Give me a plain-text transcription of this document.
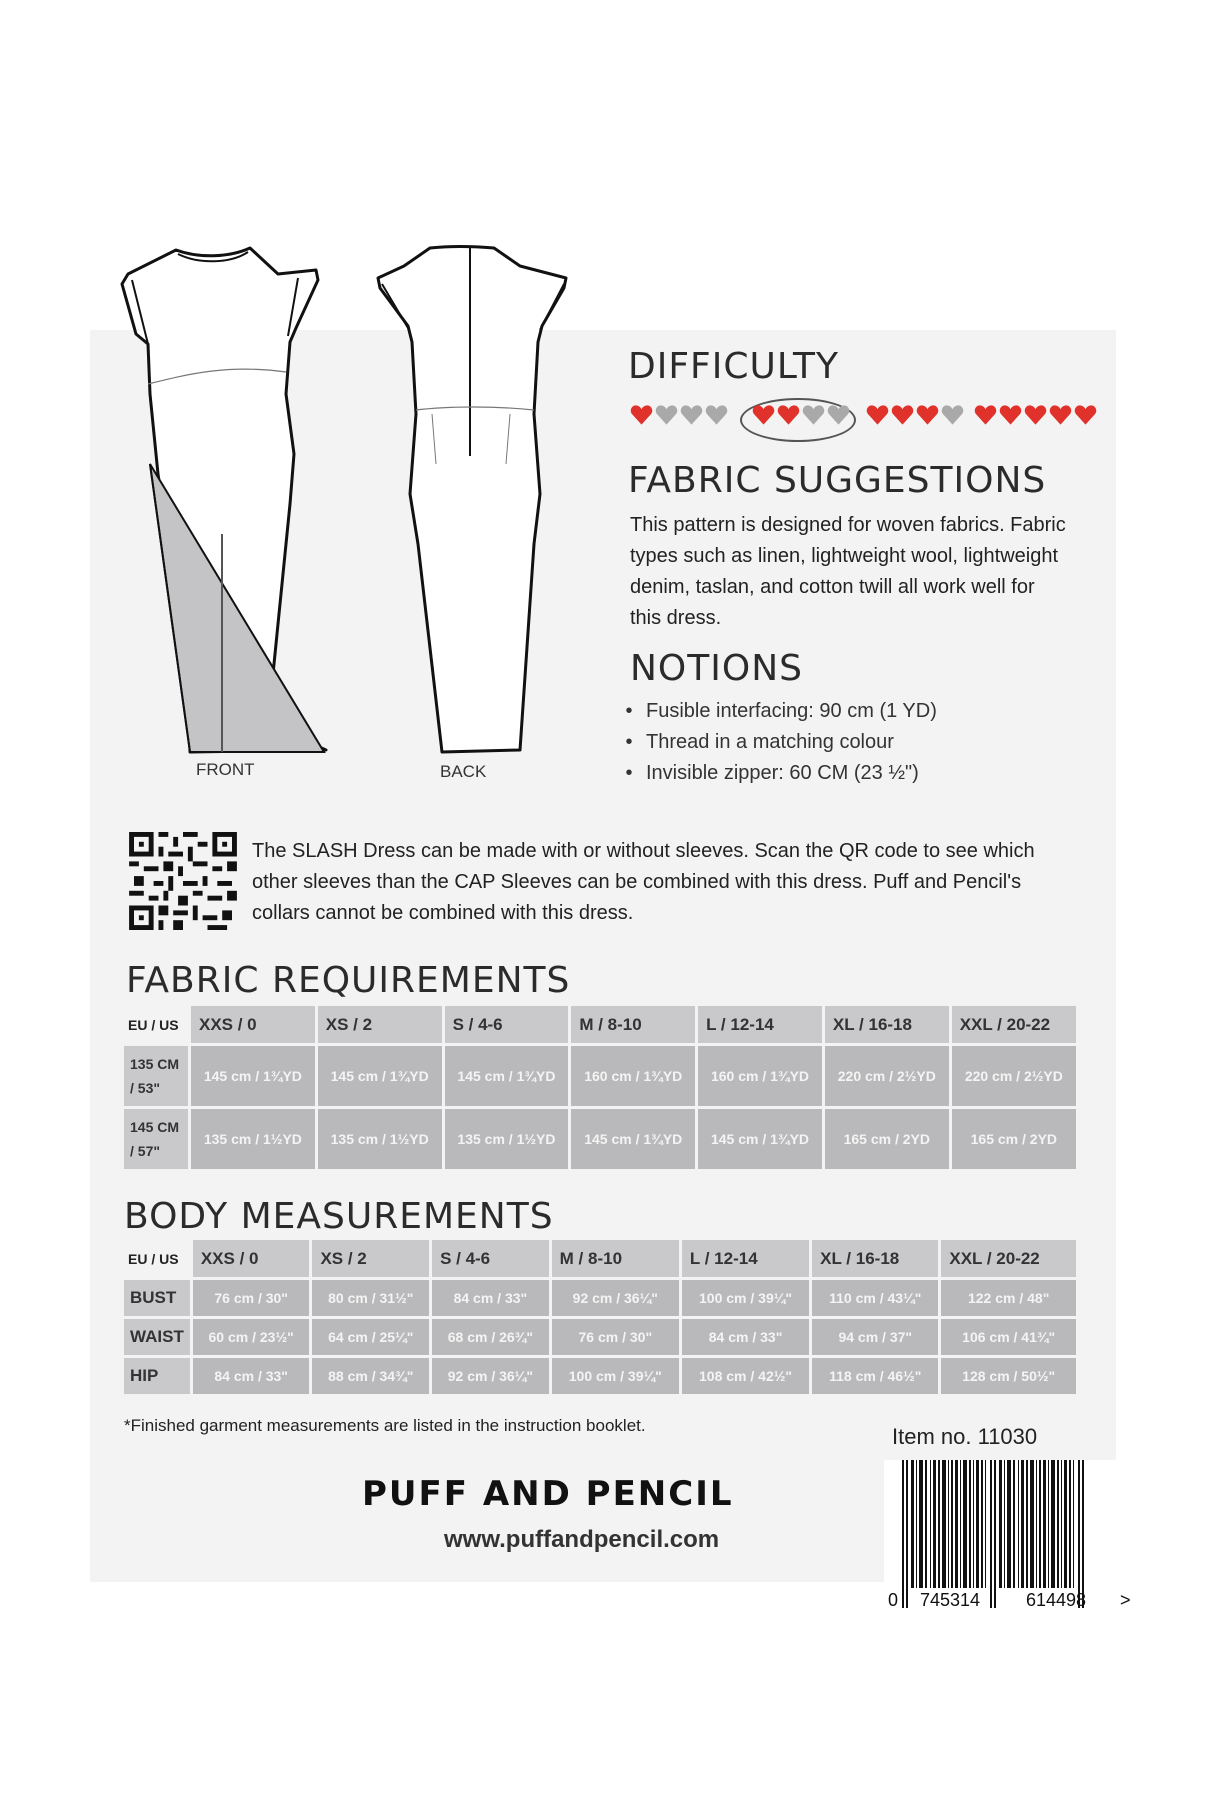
FRONT	BACK
DIFFICULTY
FABRIC SUGGESTIONS
This pattern is designed for woven fabrics. Fabric types such as linen, lightweight wool, lightweight denim, taslan, and cotton twill all work well for this dress.
NOTIONS
• Fusible interfacing: 90 cm (1 YD)
• Thread in a matching colour
• Invisible zipper: 60 CM (23 ½")
The SLASH Dress can be made with or without sleeves. Scan the QR code to see which other sleeves than the CAP Sleeves can be combined with this dress. Puff and Pencil's collars cannot be combined with this dress.
FABRIC REQUIREMENTS
EU / US	XXS / 0	XS / 2	S / 4-6	M / 8-10	L / 12-14	XL / 16-18	XXL / 20-22
135 CM / 53"	145 cm / 1¾YD	145 cm / 1¾YD	145 cm / 1¾YD	160 cm / 1¾YD	160 cm / 1¾YD	220 cm / 2½YD	220 cm / 2½YD
145 CM / 57"	135 cm / 1½YD	135 cm / 1½YD	135 cm / 1½YD	145 cm / 1¾YD	145 cm / 1¾YD	165 cm / 2YD	165 cm / 2YD
BODY MEASUREMENTS
EU / US	XXS / 0	XS / 2	S / 4-6	M / 8-10	L / 12-14	XL / 16-18	XXL / 20-22
BUST	76 cm / 30"	80 cm / 31½"	84 cm / 33"	92 cm / 36¼"	100 cm / 39¼"	110 cm / 43¼"	122 cm / 48"
WAIST	60 cm / 23½"	64 cm / 25¼"	68 cm / 26¾"	76 cm / 30"	84 cm / 33"	94 cm / 37"	106 cm / 41¾"
HIP	84 cm / 33"	88 cm / 34¾"	92 cm / 36¼"	100 cm / 39¼"	108 cm / 42½"	118 cm / 46½"	128 cm / 50½"
*Finished garment measurements are listed in the instruction booklet.	Item no. 11030
PUFF AND PENCIL
www.puffandpencil.com
0 745314	614498 >
